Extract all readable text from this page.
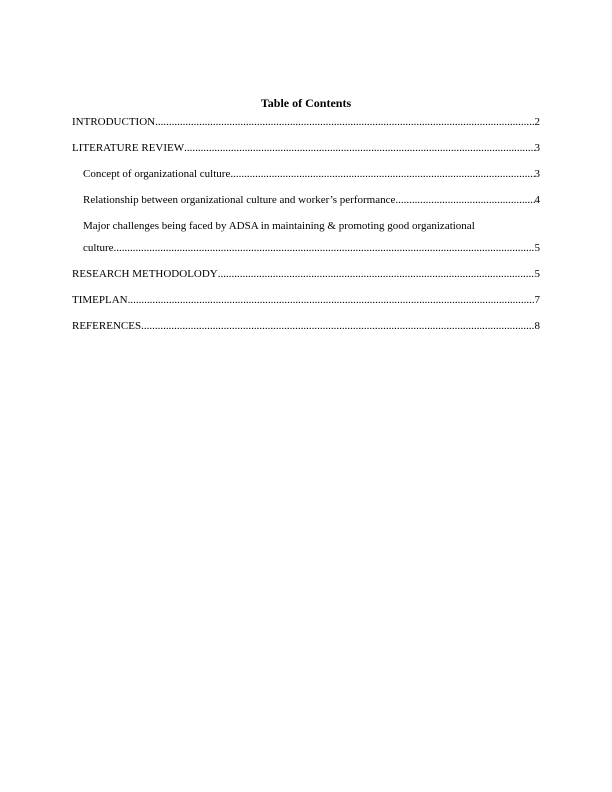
Table of Contents
INTRODUCTION .....	2
LITERATURE REVIEW .....	3
Concept of organizational culture .....	3
Relationship between organizational culture and worker’s performance .....	4
Major challenges being faced by ADSA in maintaining & promoting good organizational
culture .....	5
RESEARCH METHODOLODY .....	5
TIMEPLAN .....	7
REFERENCES .....	8
